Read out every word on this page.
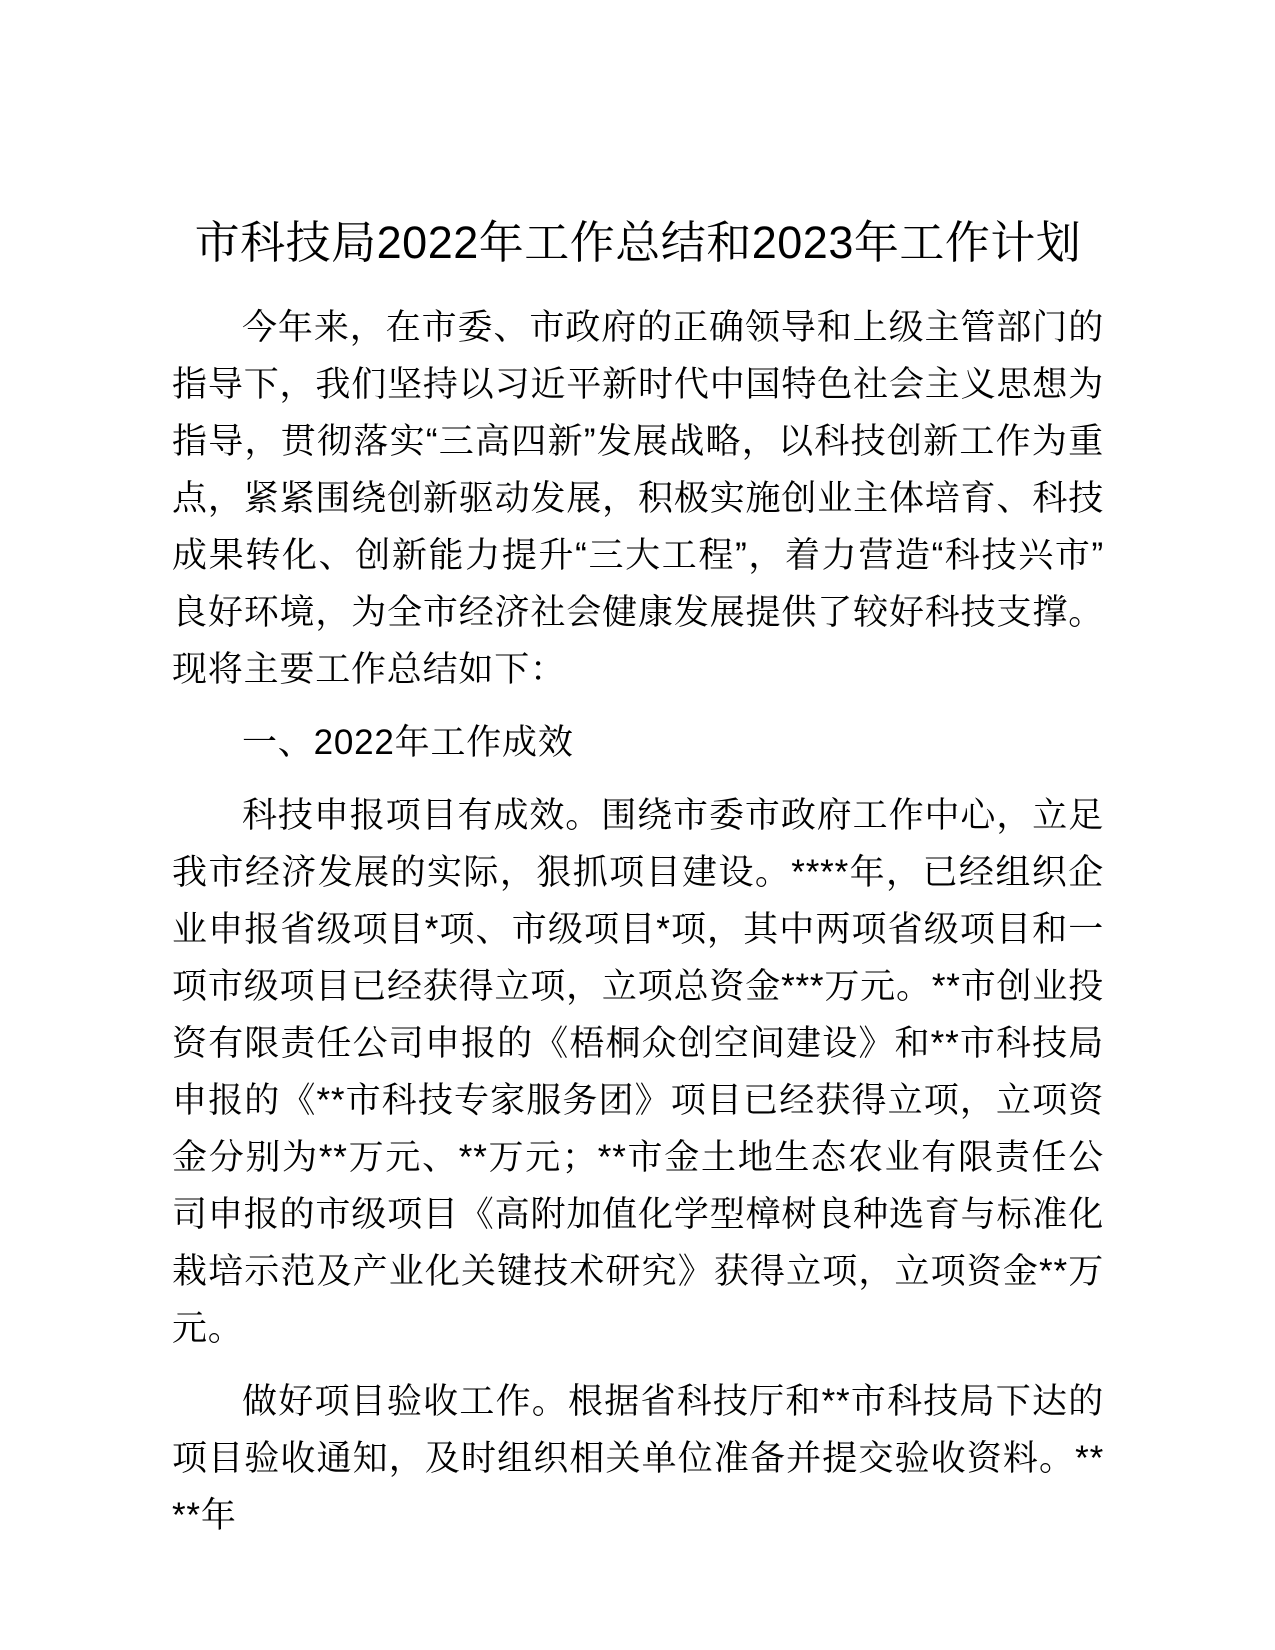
市科技局2022年工作总结和2023年工作计划

今年来，在市委、市政府的正确领导和上级主管部门的指导下，我们坚持以习近平新时代中国特色社会主义思想为指导，贯彻落实“三高四新”发展战略，以科技创新工作为重点，紧紧围绕创新驱动发展，积极实施创业主体培育、科技成果转化、创新能力提升“三大工程”，着力营造“科技兴市”良好环境，为全市经济社会健康发展提供了较好科技支撑。现将主要工作总结如下：

一、2022年工作成效

科技申报项目有成效。围绕市委市政府工作中心，立足我市经济发展的实际，狠抓项目建设。****年，已经组织企业申报省级项目*项、市级项目*项，其中两项省级项目和一项市级项目已经获得立项，立项总资金***万元。**市创业投资有限责任公司申报的《梧桐众创空间建设》和**市科技局申报的《**市科技专家服务团》项目已经获得立项，立项资金分别为**万元、**万元；**市金土地生态农业有限责任公司申报的市级项目《高附加值化学型樟树良种选育与标准化栽培示范及产业化关键技术研究》获得立项，立项资金**万元。

做好项目验收工作。根据省科技厅和**市科技局下达的项目验收通知，及时组织相关单位准备并提交验收资料。****年
